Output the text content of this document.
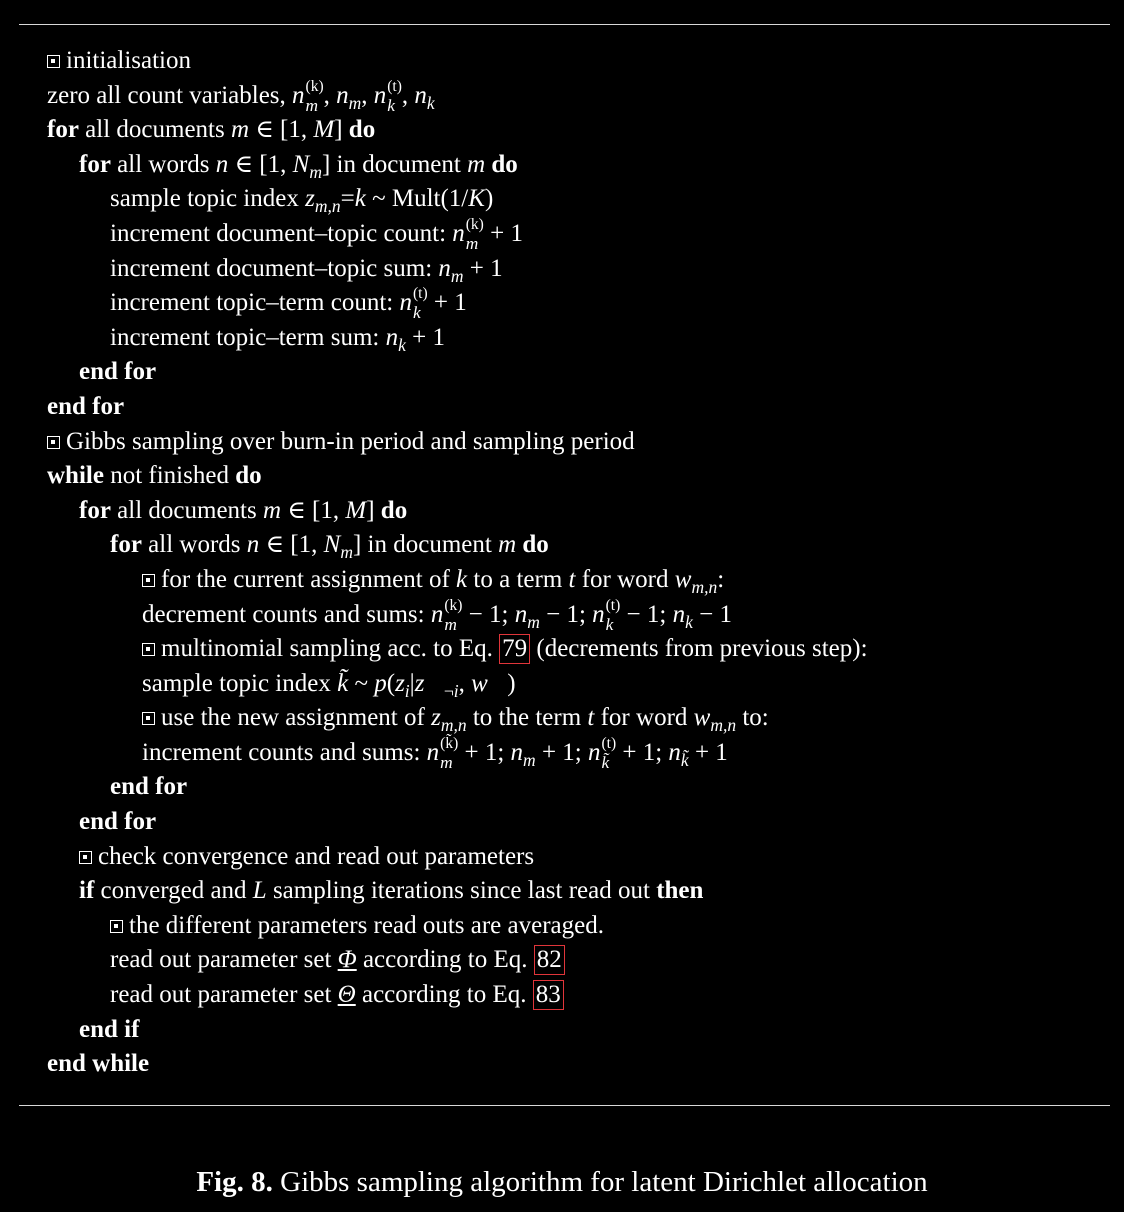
initialisation
zero all count variables, n (k)
m , $n_m$, n (t)
k , $n_k$
for all documents m ∈ [1, M] do
for all words n ∈ [1, $N_m$] in document m do
sample topic index $z_{m,n}=k$ ~ Mult(1/K)
increment document–topic count: n (k)
m + 1
increment document–topic sum: $n_m + 1$
increment topic–term count: n (t)
k + 1
increment topic–term sum: $n_k + 1$
end for
end for
Gibbs sampling over burn-in period and sampling period
while not finished do
for all documents m ∈ [1, M] do
for all words n ∈ [1, $N_m$] in document m do
for the current assignment of k to a term t for word $w_{m,n}$:
decrement counts and sums: n (k)
m − 1; $n_m - 1$; n (t)
k − 1; $n_k - 1$
multinomial sampling acc. to Eq. 79 (decrements from previous step):
sample topic index k̃ ~ $p(z_i|z⃗_{\neg i}$, w⃗)
use the new assignment of $z_{m,n}$ to the term t for word $w_{m,n}$ to:
increment counts and sums: n (k̃)
m + 1; $n_m + 1$; n (t)
k̃ + 1; $n_{k̃} + 1$
end for
end for
check convergence and read out parameters
if converged and L sampling iterations since last read out then
the different parameters read outs are averaged.
read out parameter set Φ according to Eq. 82
read out parameter set Θ according to Eq. 83
end if
end while
Fig. 8. Gibbs sampling algorithm for latent Dirichlet allocation
